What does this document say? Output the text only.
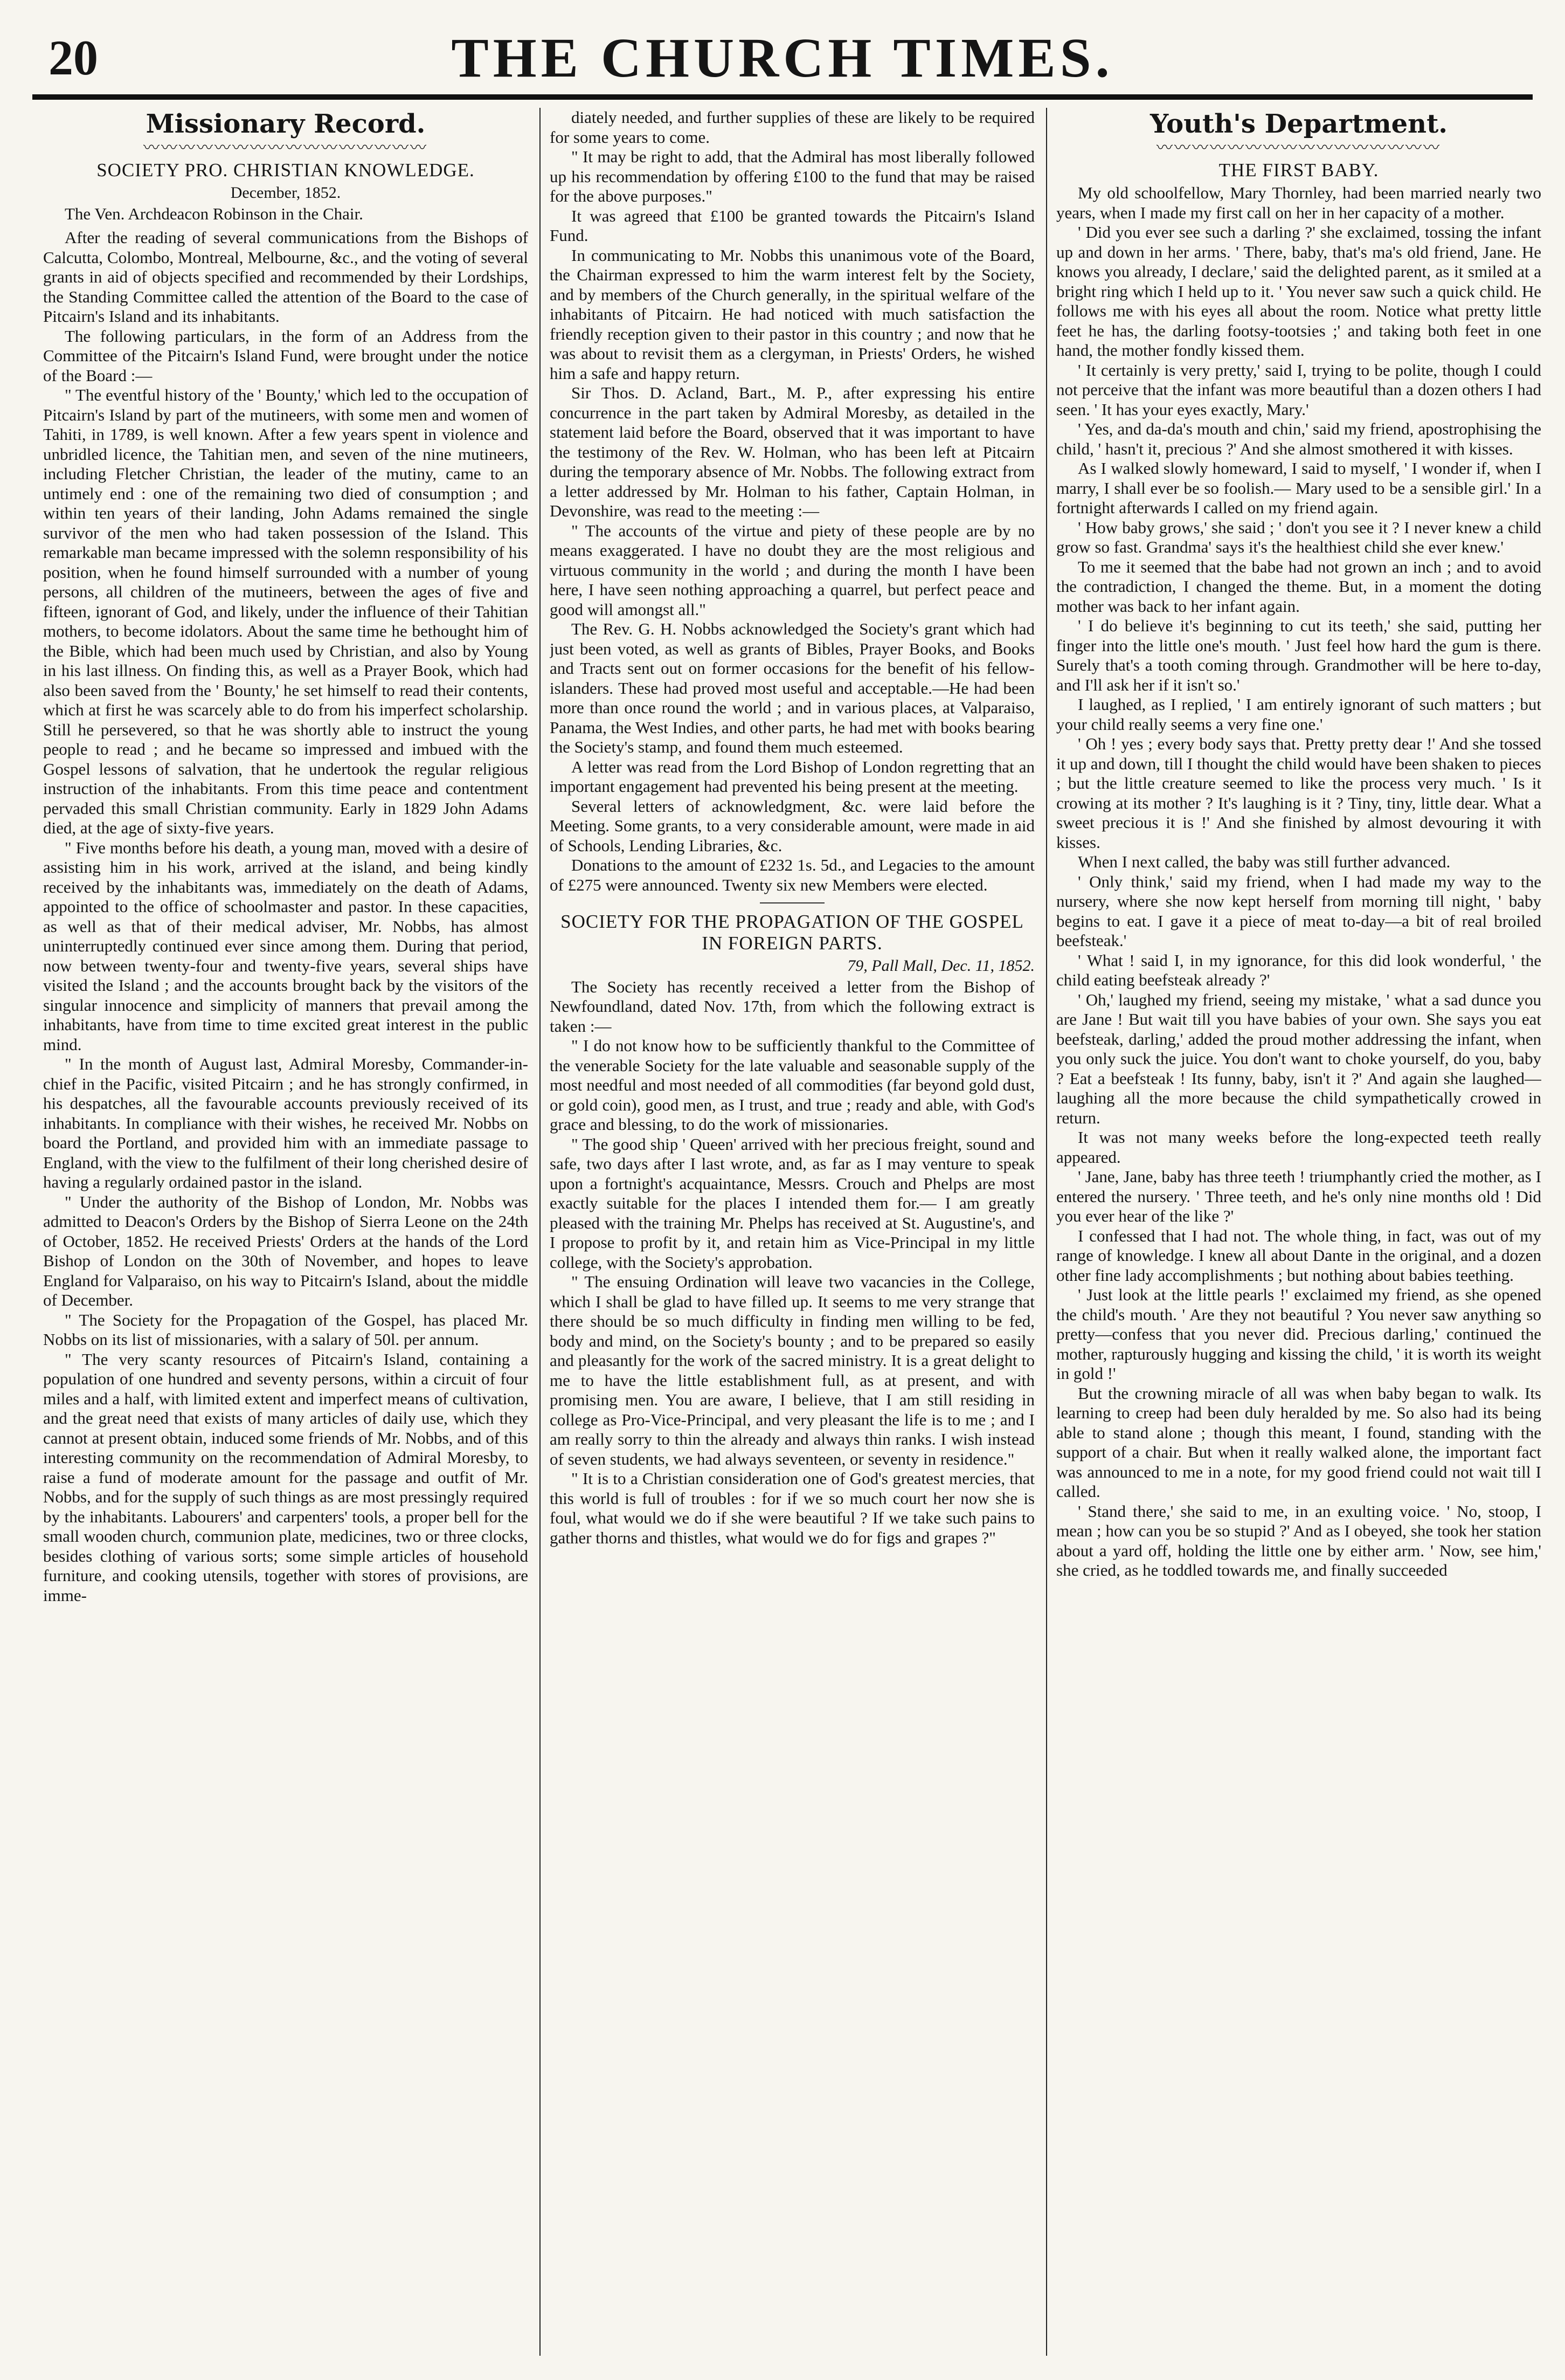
20	THE CHURCH TIMES.
Missionary Record.
〰〰〰〰〰〰〰〰〰〰〰〰〰〰〰〰
SOCIETY PRO. CHRISTIAN KNOWLEDGE.
December, 1852.

The Ven. Archdeacon Robinson in the Chair.

After the reading of several communications from the Bishops of Calcutta, Colombo, Montreal, Melbourne, &c., and the voting of several grants in aid of objects specified and recommended by their Lordships, the Standing Committee called the attention of the Board to the case of Pitcairn's Island and its inhabitants.

The following particulars, in the form of an Address from the Committee of the Pitcairn's Island Fund, were brought under the notice of the Board :—

" The eventful history of the ' Bounty,' which led to the occupation of Pitcairn's Island by part of the mutineers, with some men and women of Tahiti, in 1789, is well known. After a few years spent in violence and unbridled licence, the Tahitian men, and seven of the nine mutineers, including Fletcher Christian, the leader of the mutiny, came to an untimely end : one of the remaining two died of consumption ; and within ten years of their landing, John Adams remained the single survivor of the men who had taken possession of the Island. This remarkable man became impressed with the solemn responsibility of his position, when he found himself surrounded with a number of young persons, all children of the mutineers, between the ages of five and fifteen, ignorant of God, and likely, under the influence of their Tahitian mothers, to become idolators. About the same time he bethought him of the Bible, which had been much used by Christian, and also by Young in his last illness. On finding this, as well as a Prayer Book, which had also been saved from the ' Bounty,' he set himself to read their contents, which at first he was scarcely able to do from his imperfect scholarship. Still he persevered, so that he was shortly able to instruct the young people to read ; and he became so impressed and imbued with the Gospel lessons of salvation, that he undertook the regular religious instruction of the inhabitants. From this time peace and contentment pervaded this small Christian community. Early in 1829 John Adams died, at the age of sixty-five years.

" Five months before his death, a young man, moved with a desire of assisting him in his work, arrived at the island, and being kindly received by the inhabitants was, immediately on the death of Adams, appointed to the office of schoolmaster and pastor. In these capacities, as well as that of their medical adviser, Mr. Nobbs, has almost uninterruptedly continued ever since among them. During that period, now between twenty-four and twenty-five years, several ships have visited the Island ; and the accounts brought back by the visitors of the singular innocence and simplicity of manners that prevail among the inhabitants, have from time to time excited great interest in the public mind.

" In the month of August last, Admiral Moresby, Commander-in-chief in the Pacific, visited Pitcairn ; and he has strongly confirmed, in his despatches, all the favourable accounts previously received of its inhabitants. In compliance with their wishes, he received Mr. Nobbs on board the Portland, and provided him with an immediate passage to England, with the view to the fulfilment of their long cherished desire of having a regularly ordained pastor in the island.

" Under the authority of the Bishop of London, Mr. Nobbs was admitted to Deacon's Orders by the Bishop of Sierra Leone on the 24th of October, 1852. He received Priests' Orders at the hands of the Lord Bishop of London on the 30th of November, and hopes to leave England for Valparaiso, on his way to Pitcairn's Island, about the middle of December.

" The Society for the Propagation of the Gospel, has placed Mr. Nobbs on its list of missionaries, with a salary of 50l. per annum.

" The very scanty resources of Pitcairn's Island, containing a population of one hundred and seventy persons, within a circuit of four miles and a half, with limited extent and imperfect means of cultivation, and the great need that exists of many articles of daily use, which they cannot at present obtain, induced some friends of Mr. Nobbs, and of this interesting community on the recommendation of Admiral Moresby, to raise a fund of moderate amount for the passage and outfit of Mr. Nobbs, and for the supply of such things as are most pressingly required by the inhabitants. Labourers' and carpenters' tools, a proper bell for the small wooden church, communion plate, medicines, two or three clocks, besides clothing of various sorts; some simple articles of household furniture, and cooking utensils, together with stores of provisions, are imme-

diately needed, and further supplies of these are likely to be required for some years to come.

" It may be right to add, that the Admiral has most liberally followed up his recommendation by offering £100 to the fund that may be raised for the above purposes."

It was agreed that £100 be granted towards the Pitcairn's Island Fund.

In communicating to Mr. Nobbs this unanimous vote of the Board, the Chairman expressed to him the warm interest felt by the Society, and by members of the Church generally, in the spiritual welfare of the inhabitants of Pitcairn. He had noticed with much satisfaction the friendly reception given to their pastor in this country ; and now that he was about to revisit them as a clergyman, in Priests' Orders, he wished him a safe and happy return.

Sir Thos. D. Acland, Bart., M. P., after expressing his entire concurrence in the part taken by Admiral Moresby, as detailed in the statement laid before the Board, observed that it was important to have the testimony of the Rev. W. Holman, who has been left at Pitcairn during the temporary absence of Mr. Nobbs. The following extract from a letter addressed by Mr. Holman to his father, Captain Holman, in Devonshire, was read to the meeting :—

" The accounts of the virtue and piety of these people are by no means exaggerated. I have no doubt they are the most religious and virtuous community in the world ; and during the month I have been here, I have seen nothing approaching a quarrel, but perfect peace and good will amongst all."

The Rev. G. H. Nobbs acknowledged the Society's grant which had just been voted, as well as grants of Bibles, Prayer Books, and Books and Tracts sent out on former occasions for the benefit of his fellow-islanders. These had proved most useful and acceptable.—He had been more than once round the world ; and in various places, at Valparaiso, Panama, the West Indies, and other parts, he had met with books bearing the Society's stamp, and found them much esteemed.

A letter was read from the Lord Bishop of London regretting that an important engagement had prevented his being present at the meeting.

Several letters of acknowledgment, &c. were laid before the Meeting. Some grants, to a very considerable amount, were made in aid of Schools, Lending Libraries, &c.

Donations to the amount of £232 1s. 5d., and Legacies to the amount of £275 were announced. Twenty six new Members were elected.

SOCIETY FOR THE PROPAGATION OF THE GOSPEL IN FOREIGN PARTS.
79, Pall Mall, Dec. 11, 1852.

The Society has recently received a letter from the Bishop of Newfoundland, dated Nov. 17th, from which the following extract is taken :—

" I do not know how to be sufficiently thankful to the Committee of the venerable Society for the late valuable and seasonable supply of the most needful and most needed of all commodities (far beyond gold dust, or gold coin), good men, as I trust, and true ; ready and able, with God's grace and blessing, to do the work of missionaries.

" The good ship ' Queen' arrived with her precious freight, sound and safe, two days after I last wrote, and, as far as I may venture to speak upon a fortnight's acquaintance, Messrs. Crouch and Phelps are most exactly suitable for the places I intended them for.— I am greatly pleased with the training Mr. Phelps has received at St. Augustine's, and I propose to profit by it, and retain him as Vice-Principal in my little college, with the Society's approbation.

" The ensuing Ordination will leave two vacancies in the College, which I shall be glad to have filled up. It seems to me very strange that there should be so much difficulty in finding men willing to be fed, body and mind, on the Society's bounty ; and to be prepared so easily and pleasantly for the work of the sacred ministry. It is a great delight to me to have the little establishment full, as at present, and with promising men. You are aware, I believe, that I am still residing in college as Pro-Vice-Principal, and very pleasant the life is to me ; and I am really sorry to thin the already and always thin ranks. I wish instead of seven students, we had always seventeen, or seventy in residence."

" It is to a Christian consideration one of God's greatest mercies, that this world is full of troubles : for if we so much court her now she is foul, what would we do if she were beautiful ? If we take such pains to gather thorns and thistles, what would we do for figs and grapes ?"

Youth's Department.
〰〰〰〰〰〰〰〰〰〰〰〰〰〰〰〰
THE FIRST BABY.

My old schoolfellow, Mary Thornley, had been married nearly two years, when I made my first call on her in her capacity of a mother.

' Did you ever see such a darling ?' she exclaimed, tossing the infant up and down in her arms. ' There, baby, that's ma's old friend, Jane. He knows you already, I declare,' said the delighted parent, as it smiled at a bright ring which I held up to it. ' You never saw such a quick child. He follows me with his eyes all about the room. Notice what pretty little feet he has, the darling footsy-tootsies ;' and taking both feet in one hand, the mother fondly kissed them.

' It certainly is very pretty,' said I, trying to be polite, though I could not perceive that the infant was more beautiful than a dozen others I had seen. ' It has your eyes exactly, Mary.'

' Yes, and da-da's mouth and chin,' said my friend, apostrophising the child, ' hasn't it, precious ?' And she almost smothered it with kisses.

As I walked slowly homeward, I said to myself, ' I wonder if, when I marry, I shall ever be so foolish.— Mary used to be a sensible girl.' In a fortnight afterwards I called on my friend again.

' How baby grows,' she said ; ' don't you see it ? I never knew a child grow so fast. Grandma' says it's the healthiest child she ever knew.'

To me it seemed that the babe had not grown an inch ; and to avoid the contradiction, I changed the theme. But, in a moment the doting mother was back to her infant again.

' I do believe it's beginning to cut its teeth,' she said, putting her finger into the little one's mouth. ' Just feel how hard the gum is there. Surely that's a tooth coming through. Grandmother will be here to-day, and I'll ask her if it isn't so.'

I laughed, as I replied, ' I am entirely ignorant of such matters ; but your child really seems a very fine one.'

' Oh ! yes ; every body says that. Pretty pretty dear !' And she tossed it up and down, till I thought the child would have been shaken to pieces ; but the little creature seemed to like the process very much. ' Is it crowing at its mother ? It's laughing is it ? Tiny, tiny, little dear. What a sweet precious it is !' And she finished by almost devouring it with kisses.

When I next called, the baby was still further advanced.

' Only think,' said my friend, when I had made my way to the nursery, where she now kept herself from morning till night, ' baby begins to eat. I gave it a piece of meat to-day—a bit of real broiled beefsteak.'

' What ! said I, in my ignorance, for this did look wonderful, ' the child eating beefsteak already ?'

' Oh,' laughed my friend, seeing my mistake, ' what a sad dunce you are Jane ! But wait till you have babies of your own. She says you eat beefsteak, darling,' added the proud mother addressing the infant, when you only suck the juice. You don't want to choke yourself, do you, baby ? Eat a beefsteak ! Its funny, baby, isn't it ?' And again she laughed— laughing all the more because the child sympathetically crowed in return.

It was not many weeks before the long-expected teeth really appeared.

' Jane, Jane, baby has three teeth ! triumphantly cried the mother, as I entered the nursery. ' Three teeth, and he's only nine months old ! Did you ever hear of the like ?'

I confessed that I had not. The whole thing, in fact, was out of my range of knowledge. I knew all about Dante in the original, and a dozen other fine lady accomplishments ; but nothing about babies teething.

' Just look at the little pearls !' exclaimed my friend, as she opened the child's mouth. ' Are they not beautiful ? You never saw anything so pretty—confess that you never did. Precious darling,' continued the mother, rapturously hugging and kissing the child, ' it is worth its weight in gold !'

But the crowning miracle of all was when baby began to walk. Its learning to creep had been duly heralded by me. So also had its being able to stand alone ; though this meant, I found, standing with the support of a chair. But when it really walked alone, the important fact was announced to me in a note, for my good friend could not wait till I called.

' Stand there,' she said to me, in an exulting voice. ' No, stoop, I mean ; how can you be so stupid ?' And as I obeyed, she took her station about a yard off, holding the little one by either arm. ' Now, see him,' she cried, as he toddled towards me, and finally succeeded
